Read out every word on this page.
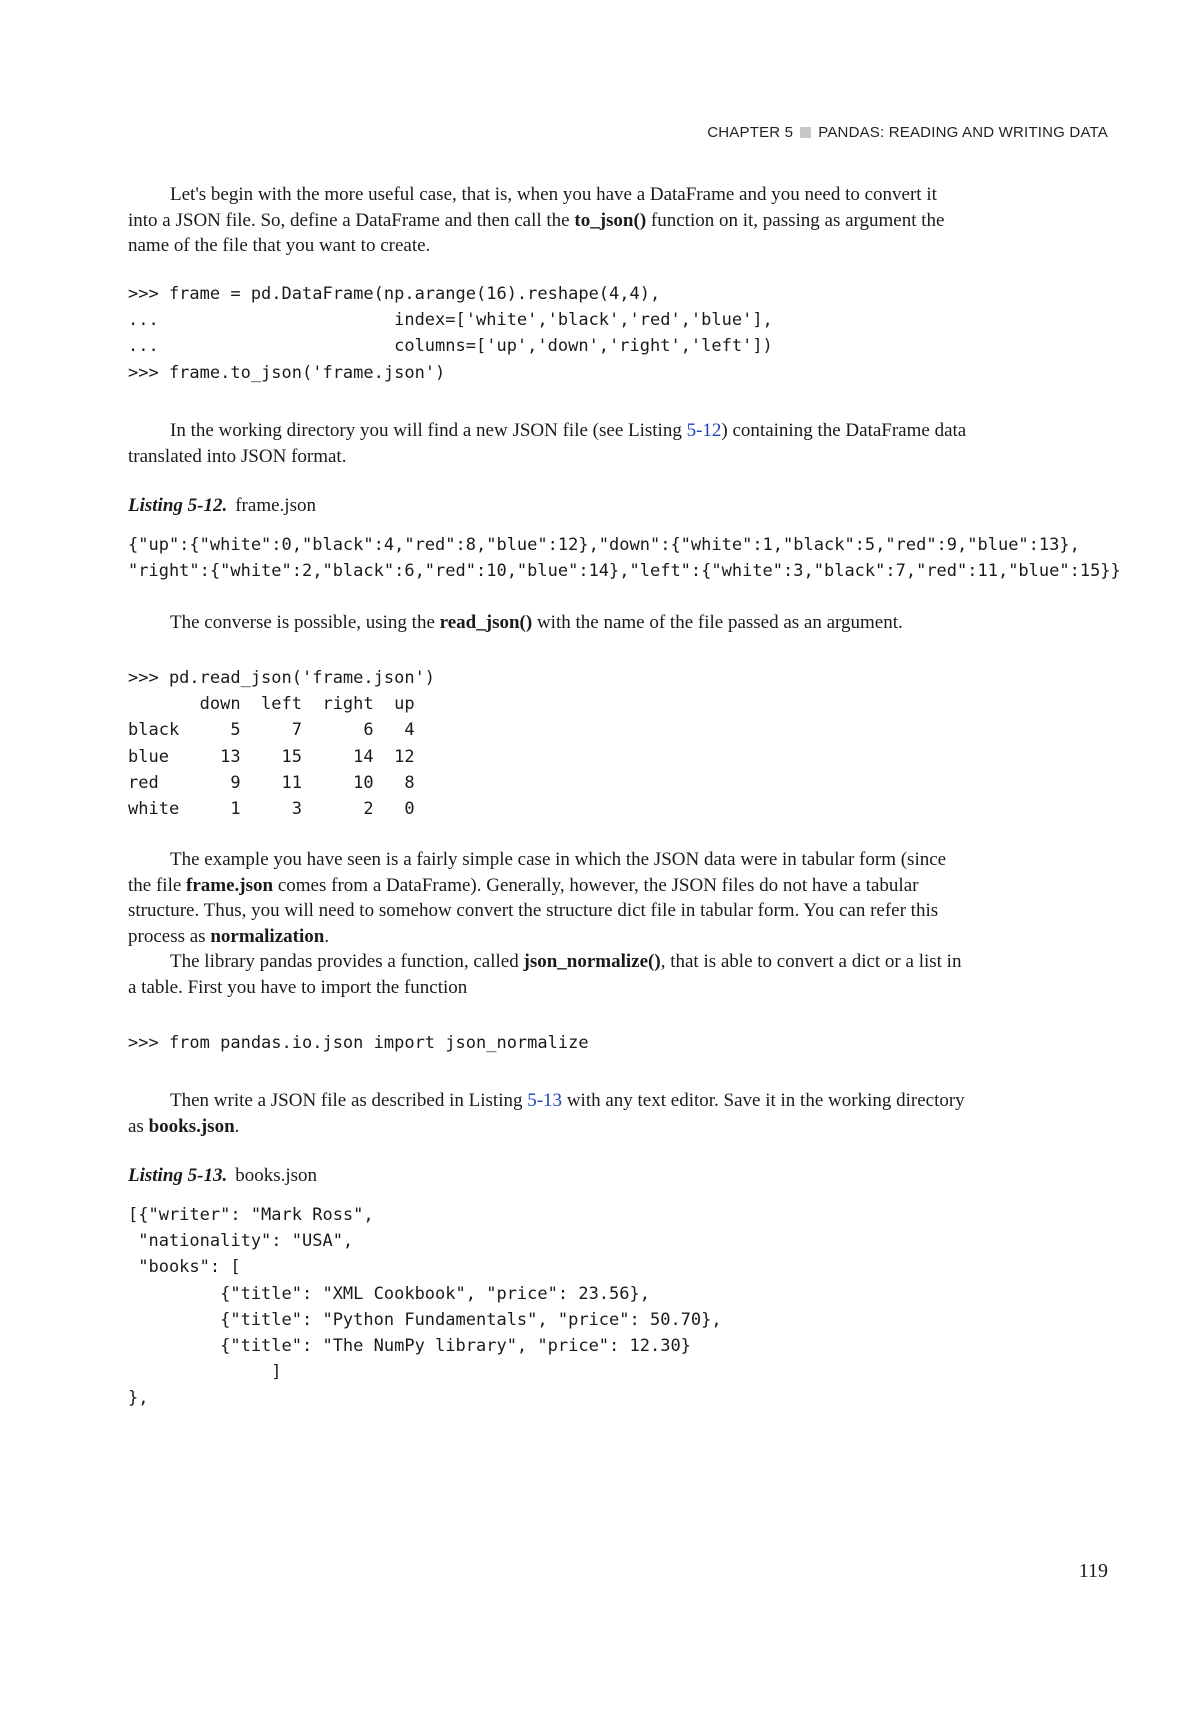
CHAPTER 5 PANDAS: READING AND WRITING DATA
Let's begin with the more useful case, that is, when you have a DataFrame and you need to convert it
into a JSON file. So, define a DataFrame and then call the to_json() function on it, passing as argument the
name of the file that you want to create.
>>> frame = pd.DataFrame(np.arange(16).reshape(4,4),
...                       index=['white','black','red','blue'],
...                       columns=['up','down','right','left'])
>>> frame.to_json('frame.json')
In the working directory you will find a new JSON file (see Listing 5-12) containing the DataFrame data
translated into JSON format.
Listing 5-12. frame.json
{"up":{"white":0,"black":4,"red":8,"blue":12},"down":{"white":1,"black":5,"red":9,"blue":13},
"right":{"white":2,"black":6,"red":10,"blue":14},"left":{"white":3,"black":7,"red":11,"blue":15}}
The converse is possible, using the read_json() with the name of the file passed as an argument.
>>> pd.read_json('frame.json')
down  left  right  up
black     5     7      6   4
blue     13    15     14  12
red       9    11     10   8
white     1     3      2   0
The example you have seen is a fairly simple case in which the JSON data were in tabular form (since
the file frame.json comes from a DataFrame). Generally, however, the JSON files do not have a tabular
structure. Thus, you will need to somehow convert the structure dict file in tabular form. You can refer this
process as normalization.
The library pandas provides a function, called json_normalize(), that is able to convert a dict or a list in
a table. First you have to import the function
>>> from pandas.io.json import json_normalize
Then write a JSON file as described in Listing 5-13 with any text editor. Save it in the working directory
as books.json.
Listing 5-13. books.json
[{"writer": "Mark Ross",
"nationality": "USA",
"books": [
{"title": "XML Cookbook", "price": 23.56},
{"title": "Python Fundamentals", "price": 50.70},
{"title": "The NumPy library", "price": 12.30}
]
},
119
